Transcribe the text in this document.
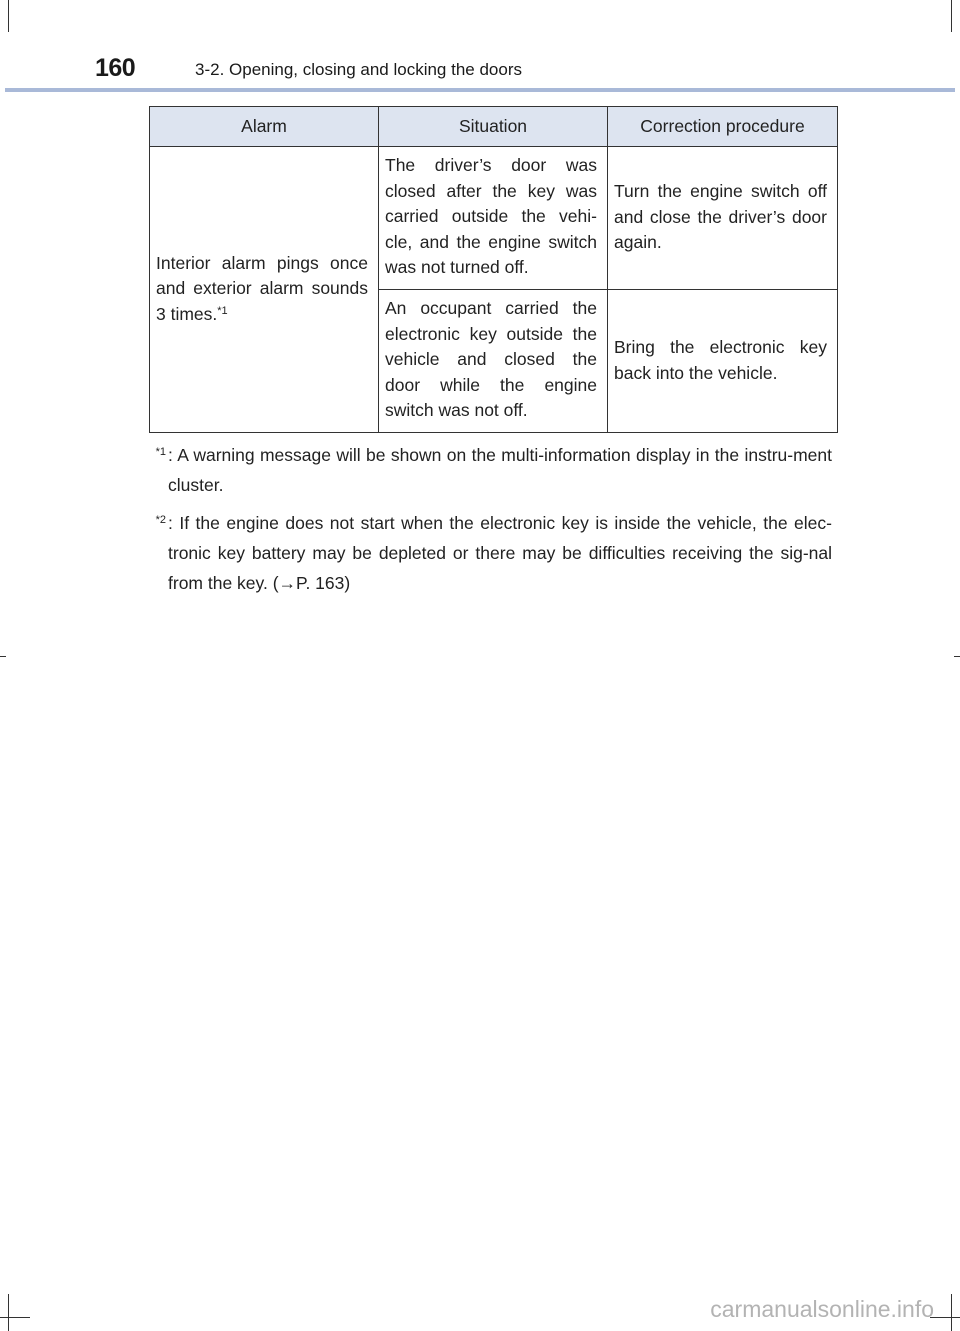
160	3-2. Opening, closing and locking the doors
Alarm	Situation	Correction procedure
Interior alarm pings once and exterior alarm sounds 3 times.$^{*1}$	The driver’s door was closed after the key was carried outside the vehi-cle, and the engine switch was not turned off.	Turn the engine switch off and close the driver’s door again.
	An occupant carried the electronic key outside the vehicle and closed the door while the engine switch was not off.	Bring the electronic key back into the vehicle.
$^{*1}$ : A warning message will be shown on the multi-information display in the instru-ment cluster.
$^{*2}$ : If the engine does not start when the electronic key is inside the vehicle, the elec-tronic key battery may be depleted or there may be difficulties receiving the sig-nal from the key. (→P. 163)
carmanualsonline.info
